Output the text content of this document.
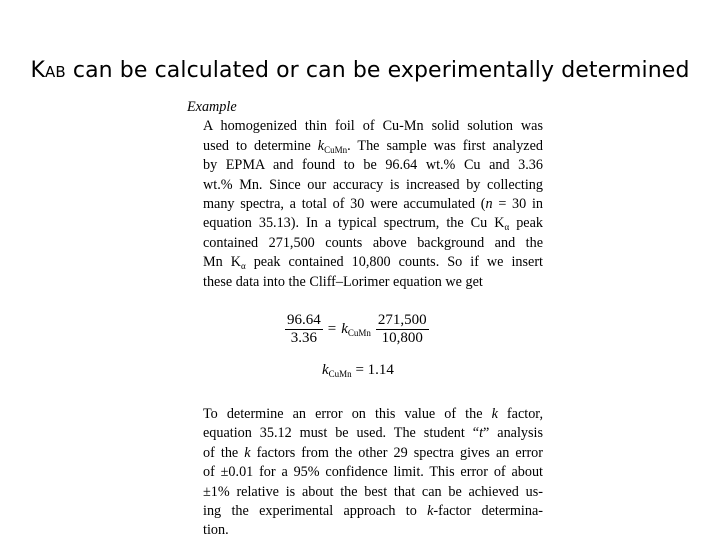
KAB can be calculated or can be experimentally determined

Example

A homogenized thin foil of Cu-Mn solid solution was
used to determine $k_{CuMn}$. The sample was first analyzed
by EPMA and found to be 96.64 wt.% Cu and 3.36
wt.% Mn. Since our accuracy is increased by collecting
many spectra, a total of 30 were accumulated (n = 30 in
equation 35.13). In a typical spectrum, the Cu $K_\alpha$ peak
contained 271,500 counts above background and the
Mn $K_\alpha$ peak contained 10,800 counts. So if we insert
these data into the Cliff–Lorimer equation we get

$\frac{96.64}{3.36} = k_{CuMn} \frac{271,500}{10,800}$
$k_{CuMn} = 1.14$

To determine an error on this value of the k factor,
equation 35.12 must be used. The student “t” analysis
of the k factors from the other 29 spectra gives an error
of ±0.01 for a 95% confidence limit. This error of about
±1% relative is about the best that can be achieved us-
ing the experimental approach to k-factor determina-
tion.
